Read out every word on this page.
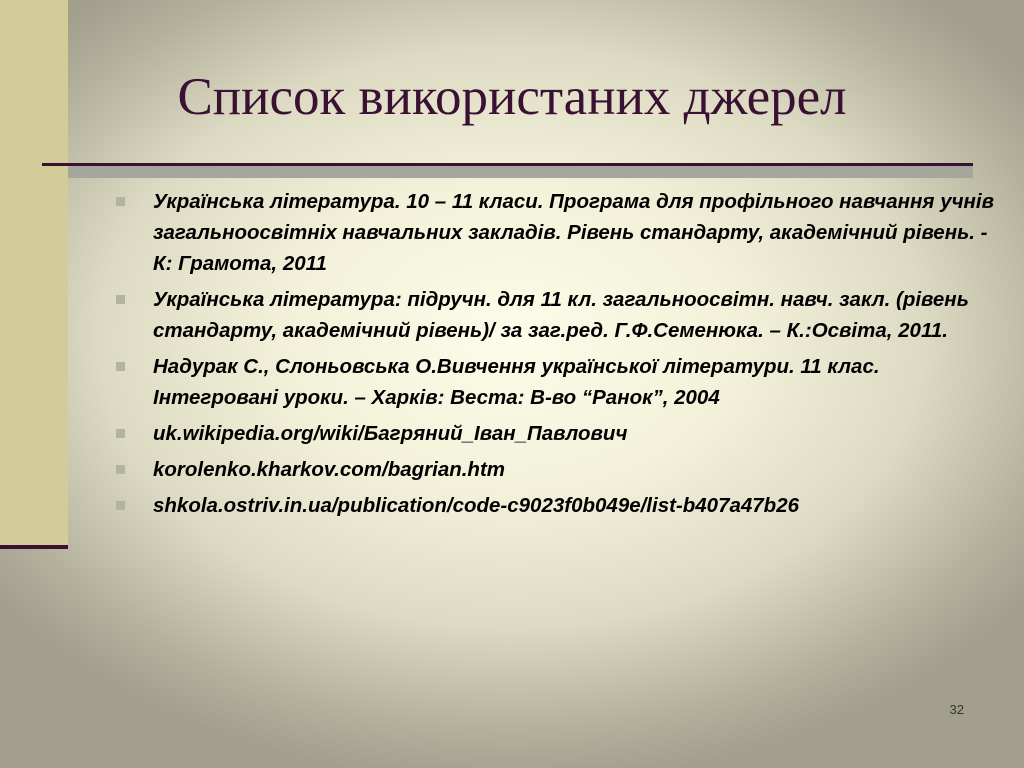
Список використаних джерел
Українська література. 10 – 11 класи. Програма для профільного навчання учнів загальноосвітніх навчальних закладів. Рівень стандарту, академічний рівень. - К: Грамота, 2011
Українська література: підручн. для 11 кл. загальноосвітн. навч. закл. (рівень стандарту, академічний рівень)/ за заг.ред. Г.Ф.Семенюка. – К.:Освіта, 2011.
Надурак С., Слоньовська О.Вивчення української літератури. 11 клас. Інтегровані уроки. – Харків: Веста: В-во “Ранок”, 2004
uk.wikipedia.org/wiki/Багряний_Іван_Павлович
korolenko.kharkov.com/bagrian.htm
shkola.ostriv.in.ua/publication/code-c9023f0b049e/list-b407a47b26
32
